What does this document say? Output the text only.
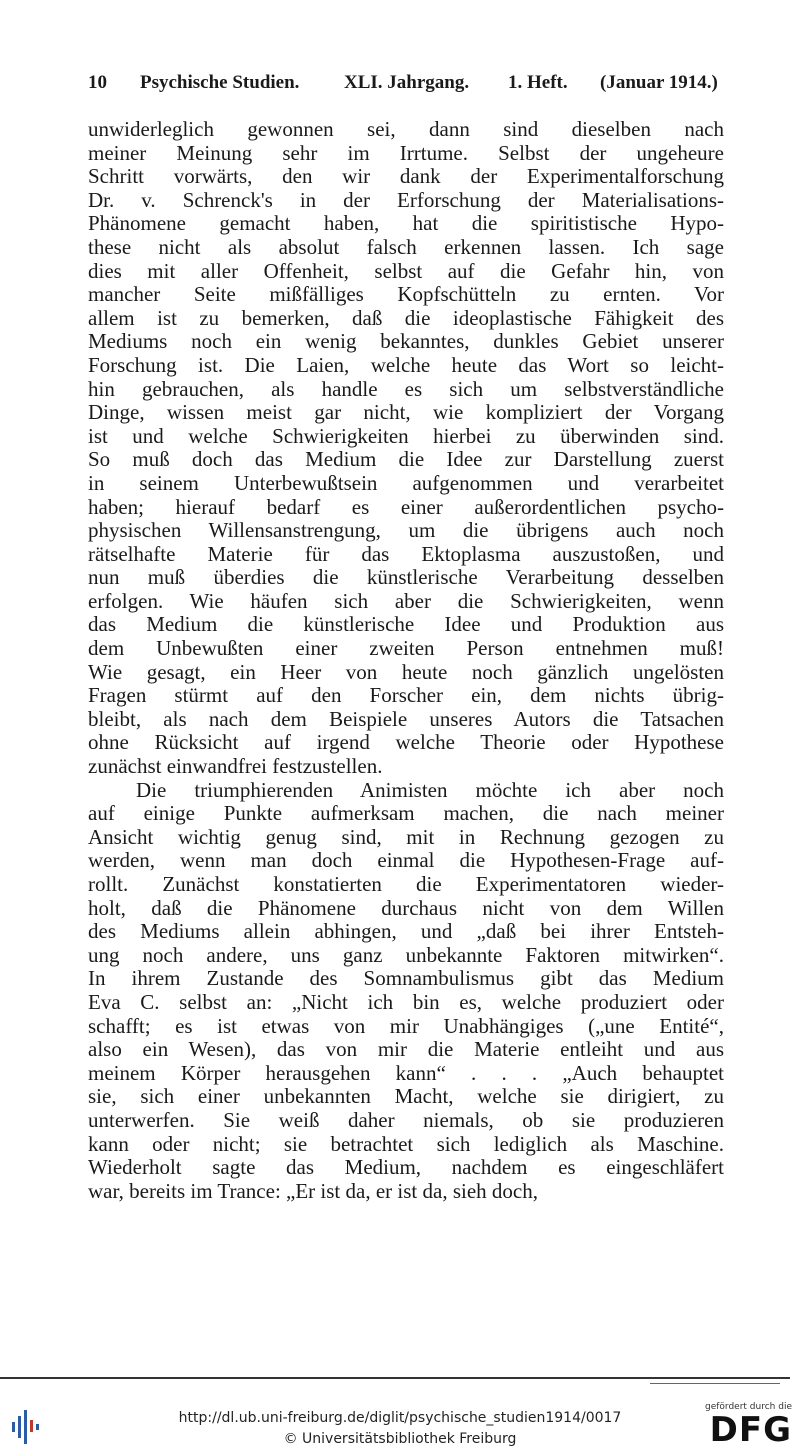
10 Psychische Studien. XLI. Jahrgang. 1. Heft. (Januar 1914.)
unwiderleglich gewonnen sei, dann sind dieselben nach
meiner Meinung sehr im Irrtume. Selbst der ungeheure
Schritt vorwärts, den wir dank der Experimentalforschung
Dr. v. Schrenck's in der Erforschung der Materialisations-
Phänomene gemacht haben, hat die spiritistische Hypo-
these nicht als absolut falsch erkennen lassen. Ich sage
dies mit aller Offenheit, selbst auf die Gefahr hin, von
mancher Seite mißfälliges Kopfschütteln zu ernten. Vor
allem ist zu bemerken, daß die ideoplastische Fähigkeit des
Mediums noch ein wenig bekanntes, dunkles Gebiet unserer
Forschung ist. Die Laien, welche heute das Wort so leicht-
hin gebrauchen, als handle es sich um selbstverständliche
Dinge, wissen meist gar nicht, wie kompliziert der Vorgang
ist und welche Schwierigkeiten hierbei zu überwinden sind.
So muß doch das Medium die Idee zur Darstellung zuerst
in seinem Unterbewußtsein aufgenommen und verarbeitet
haben; hierauf bedarf es einer außerordentlichen psycho-
physischen Willensanstrengung, um die übrigens auch noch
rätselhafte Materie für das Ektoplasma auszustoßen, und
nun muß überdies die künstlerische Verarbeitung desselben
erfolgen. Wie häufen sich aber die Schwierigkeiten, wenn
das Medium die künstlerische Idee und Produktion aus
dem Unbewußten einer zweiten Person entnehmen muß!
Wie gesagt, ein Heer von heute noch gänzlich ungelösten
Fragen stürmt auf den Forscher ein, dem nichts übrig-
bleibt, als nach dem Beispiele unseres Autors die Tatsachen
ohne Rücksicht auf irgend welche Theorie oder Hypothese
zunächst einwandfrei festzustellen.
Die triumphierenden Animisten möchte ich aber noch
auf einige Punkte aufmerksam machen, die nach meiner
Ansicht wichtig genug sind, mit in Rechnung gezogen zu
werden, wenn man doch einmal die Hypothesen-Frage auf-
rollt. Zunächst konstatierten die Experimentatoren wieder-
holt, daß die Phänomene durchaus nicht von dem Willen
des Mediums allein abhingen, und „daß bei ihrer Entsteh-
ung noch andere, uns ganz unbekannte Faktoren mitwirken“.
In ihrem Zustande des Somnambulismus gibt das Medium
Eva C. selbst an: „Nicht ich bin es, welche produziert oder
schafft; es ist etwas von mir Unabhängiges („une Entité“,
also ein Wesen), das von mir die Materie entleiht und aus
meinem Körper herausgehen kann“ . . . „Auch behauptet
sie, sich einer unbekannten Macht, welche sie dirigiert, zu
unterwerfen. Sie weiß daher niemals, ob sie produzieren
kann oder nicht; sie betrachtet sich lediglich als Maschine.
Wiederholt sagte das Medium, nachdem es eingeschläfert
war, bereits im Trance: „Er ist da, er ist da, sieh doch,
http://dl.ub.uni-freiburg.de/diglit/psychische_studien1914/0017
© Universitätsbibliothek Freiburg
gefördert durch die
DFG
